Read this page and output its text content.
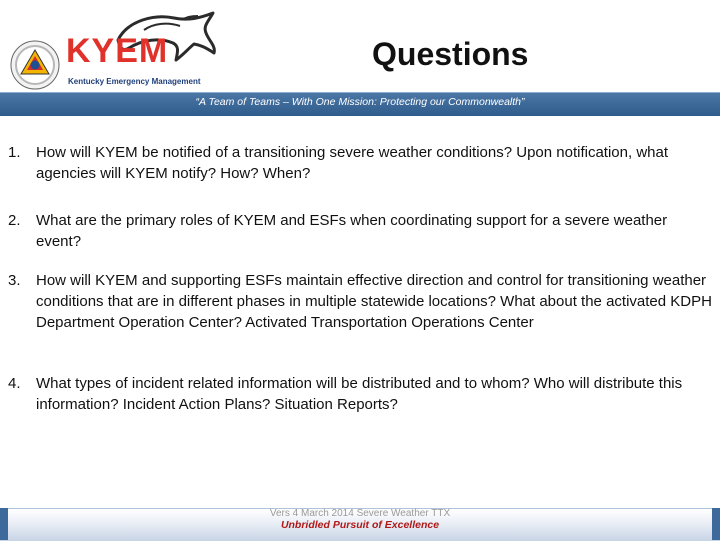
KYEM
Kentucky Emergency Management
Questions
“A Team of Teams – With One Mission: Protecting our Commonwealth”
1. How will KYEM be notified of a transitioning severe weather conditions? Upon notification, what agencies will KYEM notify? How? When?
2. What are the primary roles of KYEM and ESFs when coordinating support for a severe weather event?
3. How will KYEM and supporting ESFs maintain effective direction and control for transitioning weather conditions that are in different phases in multiple statewide locations? What about the activated KDPH Department Operation Center? Activated Transportation Operations Center
4. What types of incident related information will be distributed and to whom? Who will distribute this information? Incident Action Plans? Situation Reports?
Vers 4 March 2014 Severe Weather TTX
Unbridled Pursuit of Excellence
